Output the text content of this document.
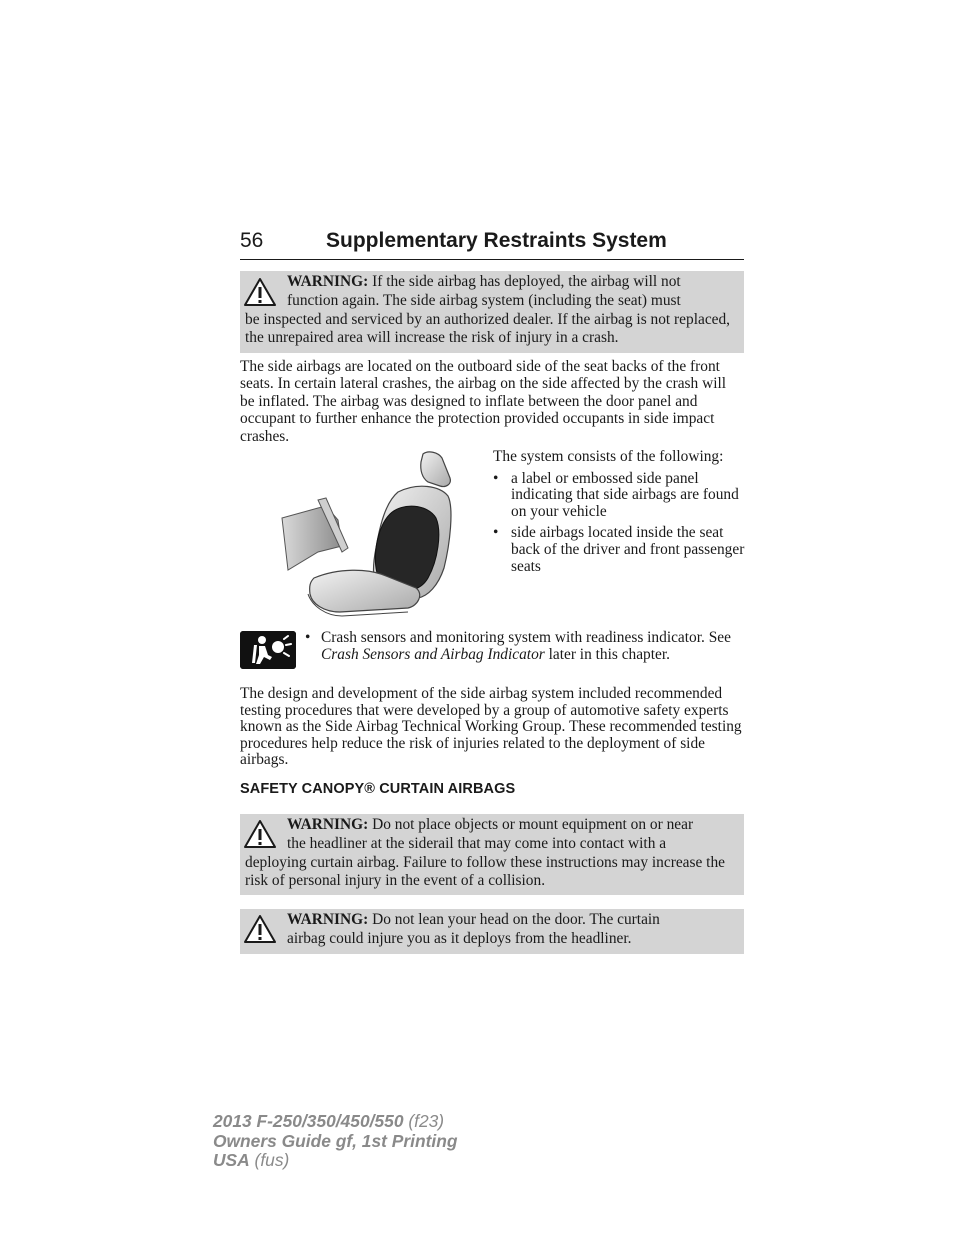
56	Supplementary Restraints System
WARNING: If the side airbag has deployed, the airbag will not
function again. The side airbag system (including the seat) must
be inspected and serviced by an authorized dealer. If the airbag is not replaced, the unrepaired area will increase the risk of injury in a crash.

The side airbags are located on the outboard side of the seat backs of the front seats. In certain lateral crashes, the airbag on the side affected by the crash will be inflated. The airbag was designed to inflate between the door panel and occupant to further enhance the protection provided occupants in side impact crashes.

The system consists of the following:
• a label or embossed side panel indicating that side airbags are found on your vehicle
• side airbags located inside the seat back of the driver and front passenger seats
• Crash sensors and monitoring system with readiness indicator. See Crash Sensors and Airbag Indicator later in this chapter.

The design and development of the side airbag system included recommended testing procedures that were developed by a group of automotive safety experts known as the Side Airbag Technical Working Group. These recommended testing procedures help reduce the risk of injuries related to the deployment of side airbags.

SAFETY CANOPY® CURTAIN AIRBAGS
WARNING: Do not place objects or mount equipment on or near
the headliner at the siderail that may come into contact with a
deploying curtain airbag. Failure to follow these instructions may increase the risk of personal injury in the event of a collision.
WARNING: Do not lean your head on the door. The curtain
airbag could injure you as it deploys from the headliner.
2013 F-250/350/450/550 (f23)
Owners Guide gf, 1st Printing
USA (fus)
